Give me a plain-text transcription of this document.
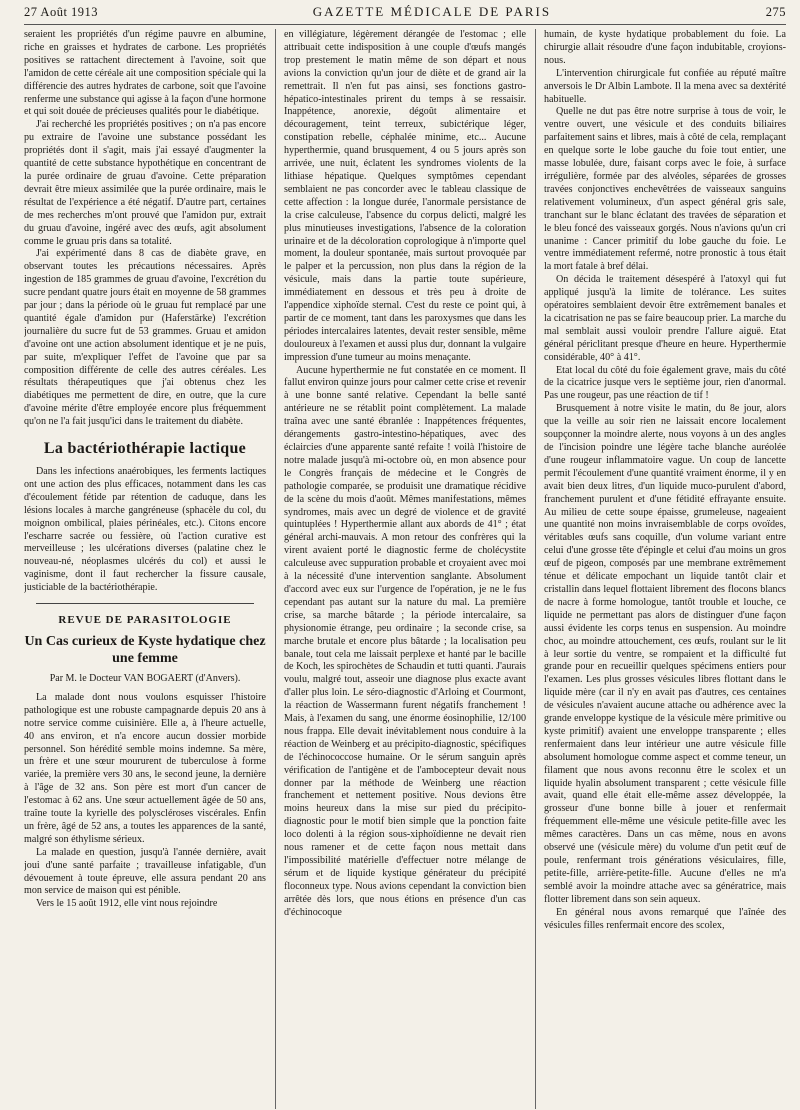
27 Août 1913	GAZETTE MÉDICALE DE PARIS	275

seraient les propriétés d'un régime pauvre en albumine, riche en graisses et hydrates de carbone. Les propriétés positives se rattachent directement à l'avoine, soit que l'amidon de cette céréale ait une composition spéciale qui la différencie des autres hydrates de carbone, soit que l'avoine renferme une substance qui agisse à la façon d'une hormone et qui soit douée de précieuses qualités pour le diabétique.

J'ai recherché les propriétés positives ; on n'a pas encore pu extraire de l'avoine une substance possédant les propriétés dont il s'agit, mais j'ai essayé d'augmenter la quantité de cette substance hypothétique en concentrant de la purée ordinaire de gruau d'avoine. Cette préparation devrait être mieux assimilée que la purée ordinaire, mais le résultat de l'expérience a été négatif. D'autre part, certaines de mes recherches m'ont prouvé que l'amidon pur, extrait du gruau d'avoine, ingéré avec des œufs, agit absolument comme le gruau pris dans sa totalité.

J'ai expérimenté dans 8 cas de diabète grave, en observant toutes les précautions nécessaires. Après ingestion de 185 grammes de gruau d'avoine, l'excrétion du sucre pendant quatre jours était en moyenne de 58 grammes par jour ; dans la période où le gruau fut remplacé par une quantité égale d'amidon pur (Haferstärke) l'excrétion journalière du sucre fut de 53 grammes. Gruau et amidon d'avoine ont une action absolument identique et je ne puis, par suite, m'expliquer l'effet de l'avoine que par sa composition différente de celle des autres céréales. Les résultats thérapeutiques que j'ai obtenus chez les diabétiques me permettent de dire, en outre, que la cure d'avoine mérite d'être employée encore plus fréquemment qu'on ne l'a fait jusqu'ici dans le traitement du diabète.

La bactériothérapie lactique

Dans les infections anaérobiques, les ferments lactiques ont une action des plus efficaces, notamment dans les cas d'écoulement fétide par rétention de caduque, dans les lésions locales à marche gangréneuse (sphacèle du col, du moignon ombilical, plaies périnéales, etc.). Citons encore l'escharre sacrée ou fessière, où l'action curative est merveilleuse ; les ulcérations diverses (palatine chez le nouveau-né, néoplasmes ulcérés du col) et aussi le vaginisme, dont il faut rechercher la fissure causale, justiciable de la bactériothérapie.

REVUE DE PARASITOLOGIE
Un Cas curieux de Kyste hydatique chez une femme
Par M. le Docteur VAN BOGAERT (d'Anvers).

La malade dont nous voulons esquisser l'histoire pathologique est une robuste campagnarde depuis 20 ans à notre service comme cuisinière. Elle a, à l'heure actuelle, 40 ans environ, et n'a encore aucun dossier morbide personnel. Son hérédité semble moins indemne. Sa mère, un frère et une sœur moururent de tuberculose à forme variée, la première vers 30 ans, le second jeune, la dernière à l'âge de 32 ans. Son père est mort d'un cancer de l'estomac à 62 ans. Une sœur actuellement âgée de 50 ans, traîne toute la kyrielle des polyscléroses viscérales. Enfin un frère, âgé de 52 ans, a toutes les apparences de la santé, malgré son éthylisme sérieux.

La malade en question, jusqu'à l'année dernière, avait joui d'une santé parfaite ; travailleuse infatigable, d'un dévouement à toute épreuve, elle assura pendant 20 ans mon service de maison qui est pénible.

Vers le 15 août 1912, elle vint nous rejoindre

en villégiature, légèrement dérangée de l'estomac ; elle attribuait cette indisposition à une couple d'œufs mangés trop prestement le matin même de son départ et nous avions la conviction qu'un jour de diète et de grand air la remettrait. Il n'en fut pas ainsi, ses fonctions gastro-hépatico-intestinales prirent du temps à se ressaisir. Inappétence, anorexie, dégoût alimentaire et découragement, teint terreux, subictérique léger, constipation rebelle, céphalée minime, etc... Aucune hyperthermie, quand brusquement, 4 ou 5 jours après son arrivée, une nuit, éclatent les syndromes violents de la lithiase hépatique. Quelques symptômes cependant semblaient ne pas concorder avec le tableau classique de cette affection : la longue durée, l'anormale persistance de la crise calculeuse, l'absence du corpus delicti, malgré les plus minutieuses investigations, l'absence de la coloration urinaire et de la décoloration coprologique à n'importe quel moment, la douleur spontanée, mais surtout provoquée par le palper et la percussion, non plus dans la région de la vésicule, mais dans la partie toute supérieure, immédiatement en dessous et très peu à droite de l'appendice xiphoïde sternal. C'est du reste ce point qui, à partir de ce moment, tant dans les paroxysmes que dans les périodes intercalaires latentes, devait rester sensible, même douloureux à l'examen et aussi plus dur, donnant la vulgaire impression d'une tumeur au moins menaçante.

Aucune hyperthermie ne fut constatée en ce moment. Il fallut environ quinze jours pour calmer cette crise et revenir à une bonne santé relative. Cependant la belle santé antérieure ne se rétablit point complètement. La malade traîna avec une santé ébranlée : Inappétences fréquentes, dérangements gastro-intestino-hépatiques, avec des éclaircies d'une apparente santé refaite ! voilà l'histoire de notre malade jusqu'à mi-octobre où, en mon absence pour le Congrès français de médecine et le Congrès de pathologie comparée, se produisit une dramatique récidive de la scène du mois d'août. Mêmes manifestations, mêmes syndromes, mais avec un degré de violence et de gravité quintuplées ! Hyperthermie allant aux abords de 41° ; état général archi-mauvais. A mon retour des confrères qui la virent avaient porté le diagnostic ferme de cholécystite calculeuse avec suppuration probable et croyaient avec moi à la nécessité d'une intervention sanglante. Absolument d'accord avec eux sur l'urgence de l'opération, je ne le fus cependant pas autant sur la nature du mal. La première crise, sa marche bâtarde ; la période intercalaire, sa physionomie étrange, peu ordinaire ; la seconde crise, sa marche brutale et encore plus bâtarde ; la localisation peu banale, tout cela me laissait perplexe et hanté par le bacille de Koch, les spirochètes de Schaudin et tutti quanti. J'aurais voulu, malgré tout, asseoir une diagnose plus exacte avant d'aller plus loin. Le séro-diagnostic d'Arloing et Courmont, la réaction de Wassermann furent négatifs franchement ! Mais, à l'examen du sang, une énorme éosinophilie, 12/100 nous frappa. Elle devait inévitablement nous conduire à la réaction de Weinberg et au précipito-diagnostic, spécifiques de l'échinococcose humaine. Or le sérum sanguin après vérification de l'antigène et de l'ambocepteur devait nous donner par la méthode de Weinberg une réaction franchement et nettement positive. Nous devions être moins heureux dans la mise sur pied du précipito-diagnostic pour le motif bien simple que la ponction faite loco dolenti à la région sous-xiphoïdienne ne devait rien nous ramener et de cette façon nous mettait dans l'impossibilité matérielle d'effectuer notre mélange de sérum et de liquide kystique générateur du précipité floconneux type. Nous avions cependant la conviction bien arrêtée dès lors, que nous étions en présence d'un cas d'échinocoque

humain, de kyste hydatique probablement du foie. La chirurgie allait résoudre d'une façon indubitable, croyions-nous.

L'intervention chirurgicale fut confiée au réputé maître anversois le Dr Albin Lambote. Il la mena avec sa dextérité habituelle.

Quelle ne dut pas être notre surprise à tous de voir, le ventre ouvert, une vésicule et des conduits biliaires parfaitement sains et libres, mais à côté de cela, remplaçant en quelque sorte le lobe gauche du foie tout entier, une masse lobulée, dure, faisant corps avec le foie, à surface irrégulière, formée par des alvéoles, séparées de grosses travées conjonctives enchevêtrées de vaisseaux sanguins relativement volumineux, d'un aspect général gris sale, tranchant sur le blanc éclatant des travées de séparation et le bleu foncé des vaisseaux gorgés. Nous n'avions qu'un cri unanime : Cancer primitif du lobe gauche du foie. Le ventre immédiatement refermé, notre pronostic à tous était la mort fatale à bref délai.

On décida le traitement désespéré à l'atoxyl qui fut appliqué jusqu'à la limite de tolérance. Les suites opératoires semblaient devoir être extrêmement banales et la cicatrisation ne pas se faire beaucoup prier. La marche du mal semblait aussi vouloir prendre l'allure aiguë. Etat général périclitant presque d'heure en heure. Hyperthermie considérable, 40° à 41°.

Etat local du côté du foie également grave, mais du côté de la cicatrice jusque vers le septième jour, rien d'anormal. Pas une rougeur, pas une réaction de tif !

Brusquement à notre visite le matin, du 8e jour, alors que la veille au soir rien ne laissait encore localement soupçonner la moindre alerte, nous voyons à un des angles de l'incision poindre une légère tache blanche auréolée d'une rougeur inflammatoire vague. Un coup de lancette permit l'écoulement d'une quantité vraiment énorme, il y en avait bien deux litres, d'un liquide muco-purulent d'abord, franchement purulent et d'une fétidité effrayante ensuite. Au milieu de cette soupe épaisse, grumeleuse, nageaient une quantité non moins invraisemblable de corps ovoïdes, véritables œufs sans coquille, d'un volume variant entre celui d'une grosse tête d'épingle et celui d'au moins un gros œuf de pigeon, composés par une membrane extrêmement ténue et délicate empochant un liquide tantôt clair et cristallin dans lequel flottaient librement des flocons blancs de nacre à forme homologue, tantôt trouble et louche, ce liquide ne permettant pas alors de distinguer d'une façon aussi évidente les corps tenus en suspension. Au moindre choc, au moindre attouchement, ces œufs, roulant sur le lit à leur sortie du ventre, se rompaient et la difficulté fut grande pour en recueillir quelques spécimens entiers pour l'examen. Les plus grosses vésicules libres flottant dans le liquide mère (car il n'y en avait pas d'autres, ces centaines de vésicules n'avaient aucune attache ou adhérence avec la grande enveloppe kystique de la vésicule mère primitive ou kyste primitif) avaient une enveloppe transparente ; elles renfermaient dans leur intérieur une autre vésicule fille absolument homologue comme aspect et comme teneur, un filament que nous avons reconnu être le scolex et un liquide hyalin absolument transparent ; cette vésicule fille avait, quand elle était elle-même assez développée, la grosseur d'une bonne bille à jouer et renfermait fréquemment elle-même une vésicule petite-fille avec les mêmes caractères. Dans un cas même, nous en avons observé une (vésicule mère) du volume d'un petit œuf de poule, renfermant trois générations vésiculaires, fille, petite-fille, arrière-petite-fille. Aucune d'elles ne m'a semblé avoir la moindre attache avec sa génératrice, mais flotter librement dans son sein aqueux.

En général nous avons remarqué que l'aînée des vésicules filles renfermait encore des scolex,
